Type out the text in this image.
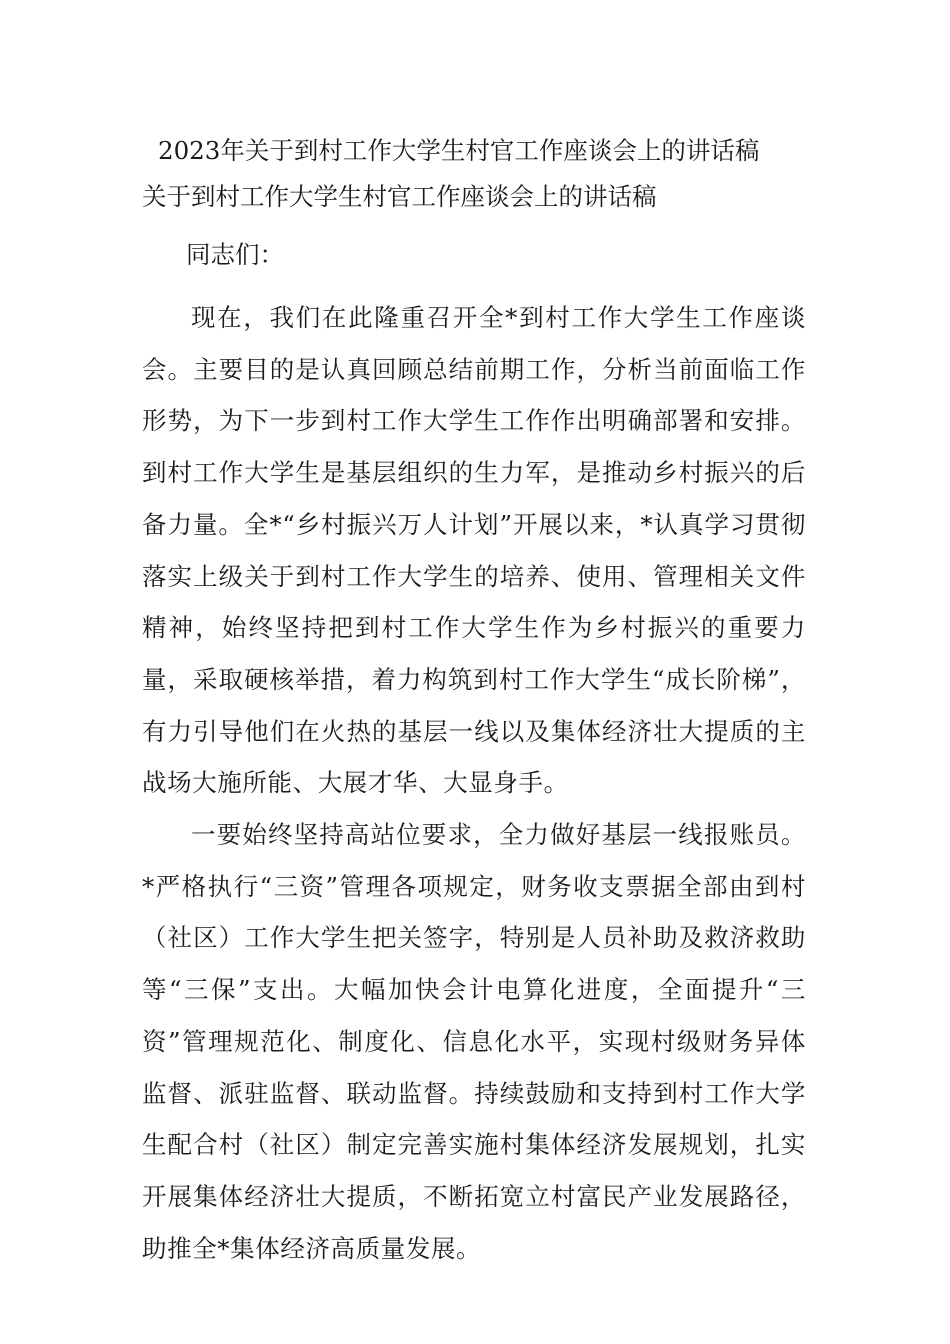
2023年关于到村工作大学生村官工作座谈会上的讲话稿
关于到村工作大学生村官工作座谈会上的讲话稿

同志们：

现在，我们在此隆重召开全*到村工作大学生工作座谈会。主要目的是认真回顾总结前期工作，分析当前面临工作形势，为下一步到村工作大学生工作作出明确部署和安排。到村工作大学生是基层组织的生力军，是推动乡村振兴的后备力量。全*“乡村振兴万人计划”开展以来，*认真学习贯彻落实上级关于到村工作大学生的培养、使用、管理相关文件精神，始终坚持把到村工作大学生作为乡村振兴的重要力量，采取硬核举措，着力构筑到村工作大学生“成长阶梯”，有力引导他们在火热的基层一线以及集体经济壮大提质的主战场大施所能、大展才华、大显身手。

一要始终坚持高站位要求，全力做好基层一线报账员。*严格执行“三资”管理各项规定，财务收支票据全部由到村（社区）工作大学生把关签字，特别是人员补助及救济救助等“三保”支出。大幅加快会计电算化进度，全面提升“三资”管理规范化、制度化、信息化水平，实现村级财务异体监督、派驻监督、联动监督。持续鼓励和支持到村工作大学生配合村（社区）制定完善实施村集体经济发展规划，扎实开展集体经济壮大提质，不断拓宽立村富民产业发展路径，助推全*集体经济高质量发展。
